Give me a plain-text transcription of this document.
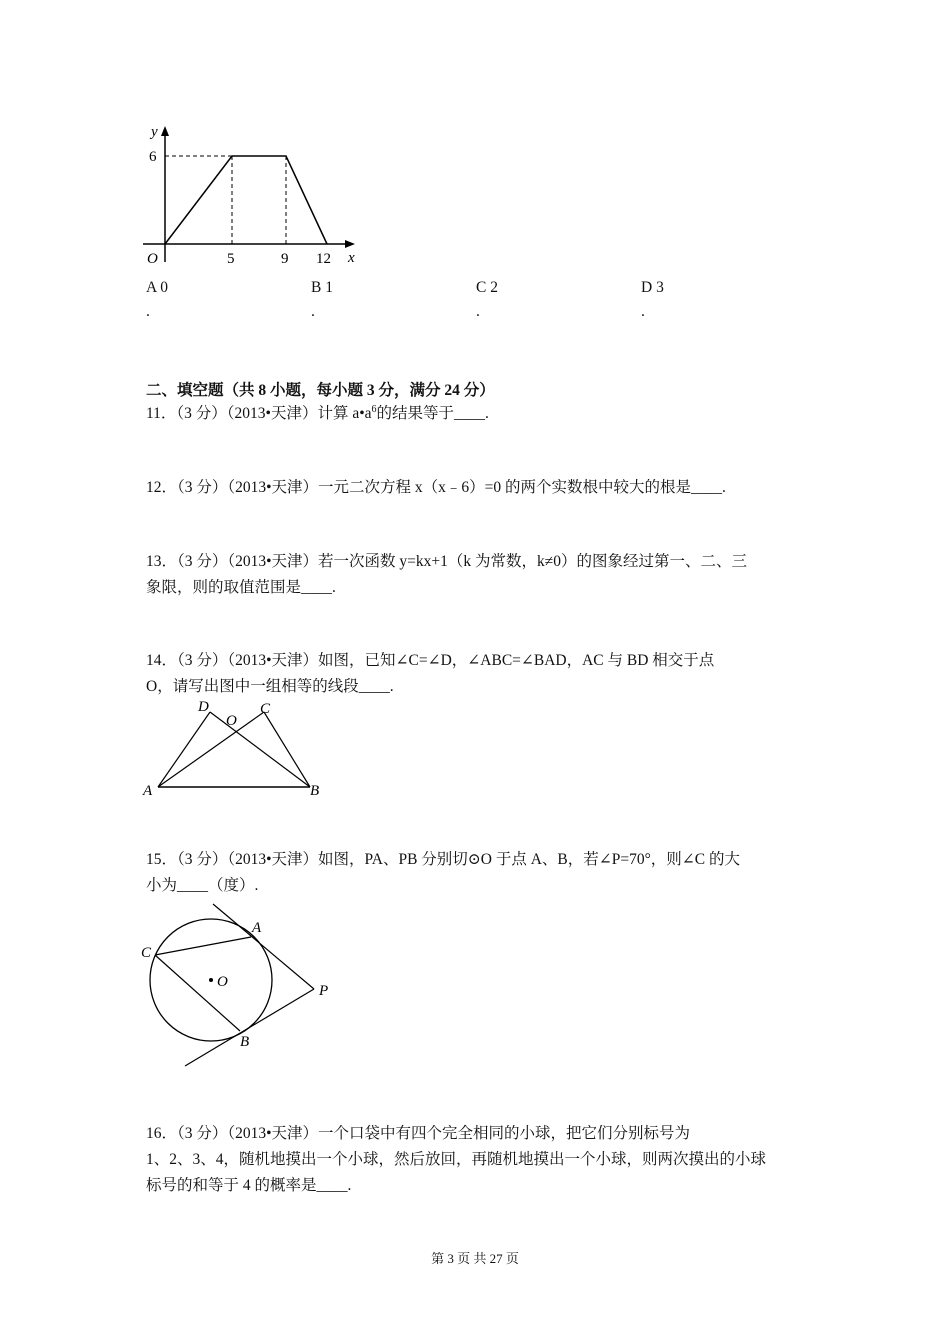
y
x
O
6
5	9 12
A 0
.
B 1
.
C 2
.
D 3
.
二、填空题（共 8 小题，每小题 3 分，满分 24 分）
11．（3 分）（2013•天津）计算 $a•a^6$的结果等于____.
12．（3 分）（2013•天津）一元二次方程 x（x﹣6）=0 的两个实数根中较大的根是____.
13．（3 分）（2013•天津）若一次函数 y=kx+1（k 为常数，k≠0）的图象经过第一、二、三
象限，则的取值范围是____.
14．（3 分）（2013•天津）如图，已知∠C=∠D，∠ABC=∠BAD，AC 与 BD 相交于点
O，请写出图中一组相等的线段____.
D
O
C
A	B
15．（3 分）（2013•天津）如图，PA、PB 分别切⊙O 于点 A、B，若∠P=70°，则∠C 的大
小为____（度）.
O
A
C
P
B
16．（3 分）（2013•天津）一个口袋中有四个完全相同的小球，把它们分别标号为
1、2、3、4，随机地摸出一个小球，然后放回，再随机地摸出一个小球，则两次摸出的小球
标号的和等于 4 的概率是____.
第 3 页 共 27 页
